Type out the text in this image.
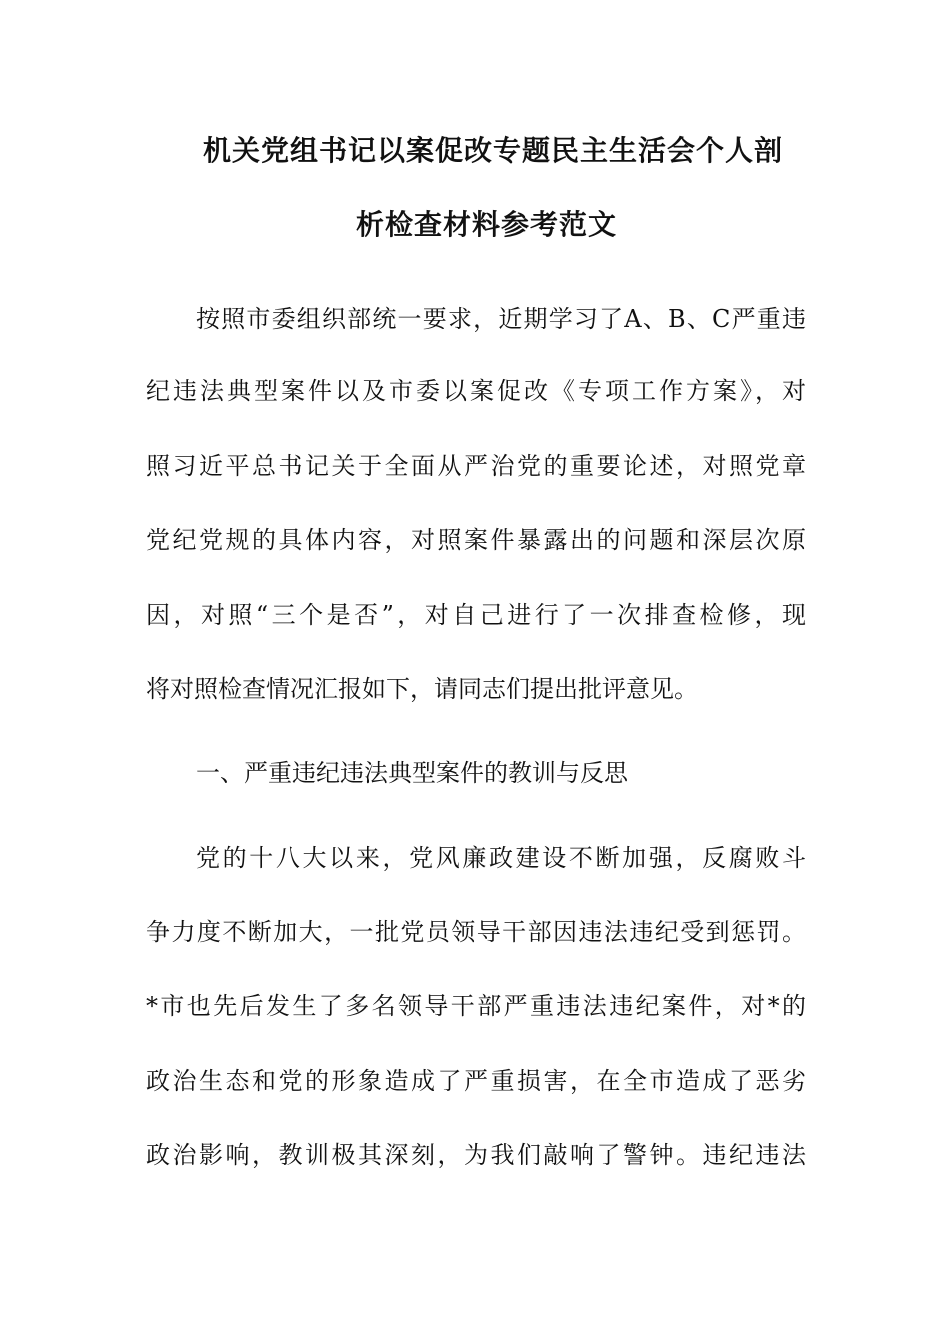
机关党组书记以案促改专题民主生活会个人剖
析检查材料参考范文
按照市委组织部统一要求，近期学习了A、B、C严重违
纪违法典型案件以及市委以案促改《专项工作方案》，对
照习近平总书记关于全面从严治党的重要论述，对照党章
党纪党规的具体内容，对照案件暴露出的问题和深层次原
因，对照“三个是否”，对自己进行了一次排查检修，现
将对照检查情况汇报如下，请同志们提出批评意见。
一、严重违纪违法典型案件的教训与反思
党的十八大以来，党风廉政建设不断加强，反腐败斗
争力度不断加大，一批党员领导干部因违法违纪受到惩罚。
*市也先后发生了多名领导干部严重违法违纪案件，对*的
政治生态和党的形象造成了严重损害，在全市造成了恶劣
政治影响，教训极其深刻，为我们敲响了警钟。违纪违法
